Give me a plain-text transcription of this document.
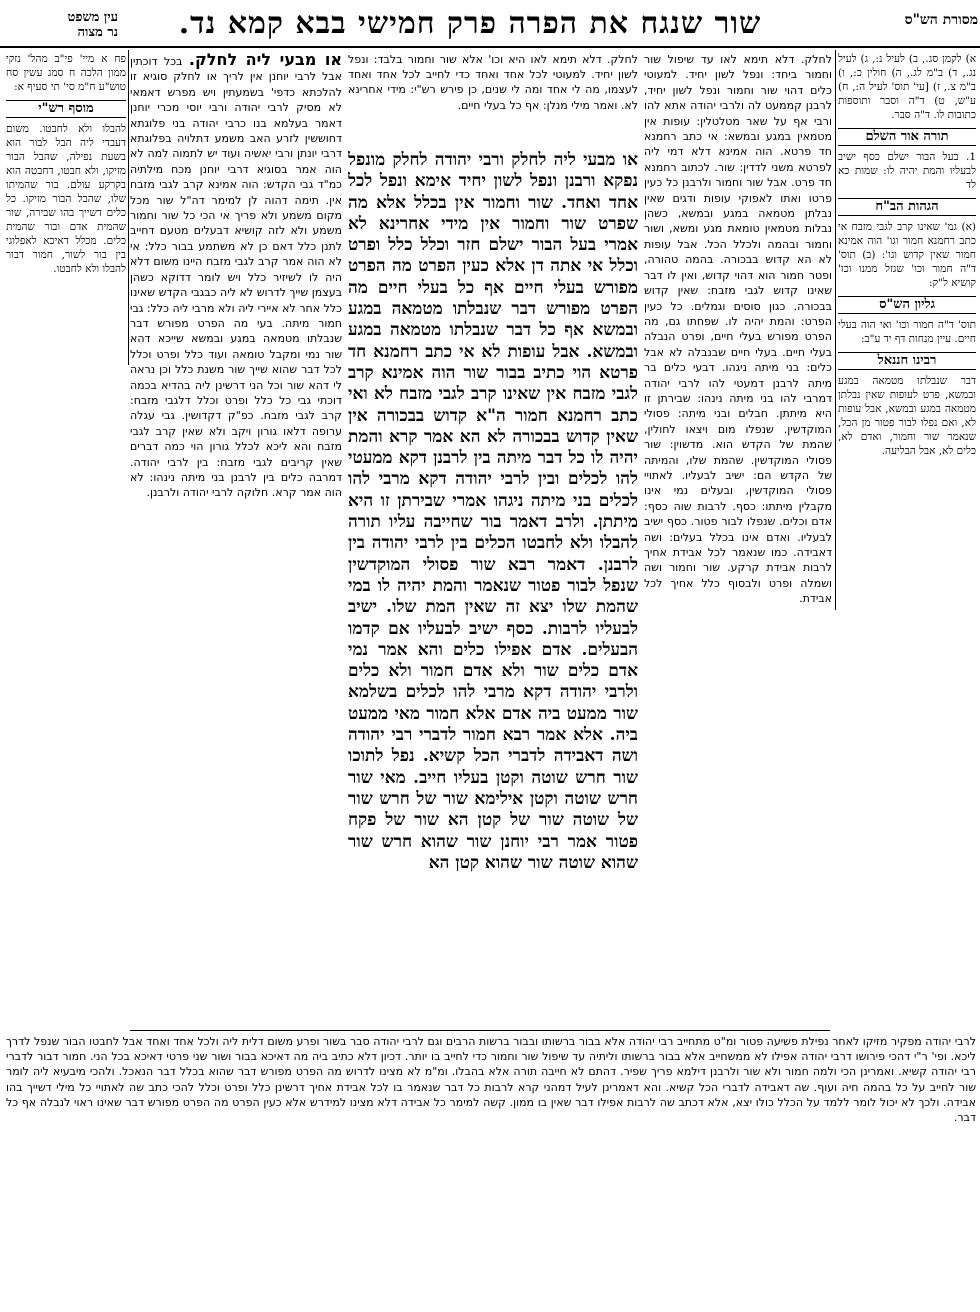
מסורת הש"ס
שור שנגח את הפרה פרק חמישי בבא קמא נד.
עין משפט
נר מצוה

א) לקמן סג., ב) לעיל נ:, ג) לעיל נג., ד) ב"מ לג., ה) חולין כ:, ו) ב"מ צ., ז) [עי' תוס' לעיל ה:, ח) ע"ש, ט) ד"ה וסבר ותוספות כתובות לו. ד"ה סבר.

תורה אור השלם

1. בעל הבור ישלם כסף ישיב לבעליו והמת יהיה לו: שמות כא לד

הגהות הב"ח

(א) גמ' שאינו קרב לגבי מזבח אי כתב רחמנא חמור וגו' הוה אמינא חמור שאין קדוש וגו': (ב) תוס' ד"ה חמור וכו' שגזל ממנו וכו' קושיא ל"ק:

גליון הש"ס

תוס' ד"ה חמור וכו' ואי הוה בעלי חיים. עיין מנחות דף יד ע"ב:

רבינו חננאל

דבר שנבלתו מטמאה במגע ובמשא, פרט לעופות שאין נבלתן מטמאה במגע ובמשא, אבל עופות לא, ואם נפלו לבור פטור מן הכל, שנאמר שור וחמור, ואדם לא, כלים לא, אבל הבליעה.

לחלק. דלא תימא לאו עד שיפול שור וחמור ביחד: ונפל לשון יחיד. למעוטי כלים דהוי שור וחמור ונפל לשון יחיד, לרבנן קממעט לה ולרבי יהודה אתא להו ורבי אף על שאר מטלטלין: עופות אין מטמאין במגע ובמשא: אי כתב רחמנא חד פרטא. הוה אמינא דלא דמי ליה לפרטא משני לדדין: שור. לכתוב רחמנא חד פרט. אבל שור וחמור ולרבנן כל כעין פרטו ואתו לאפוקי עופות ודגים שאין נבלתן מטמאה במגע ובמשא, כשהן נבלות מטמאין טומאת מגע ומשא, ושור וחמור ובהמה ולכלל הכל. אבל עופות לא הא קדוש בבכורה. בהמה טהורה, ופטר חמור הוא דהוי קדוש, ואין לו דבר שאינו קדוש לגבי מזבח: שאין קדוש בבכורה. כגון סוסים וגמלים. כל כעין הפרט: והמת יהיה לו. שפחתו גם, מה הפרט מפורש בעלי חיים, ופרט הנבלה בעלי חיים. בעלי חיים שבנבלה לא אבל כלים: בני מיתה ניגהו. דבעי כלים בר מיתה לרבנן דמעטי להו לרבי יהודה דמרבי להו בני מיתה נינהו: שבירתן זו היא מיתתן. חבלים ובני מיתה: פסולי המוקדשין. שנפלו מום ויצאו לחולין, שהמת של הקדש הוא. מדשוין: שור פסולי המוקדשין. שהמת שלו, והמיתה של הקדש הם: ישיב לבעליו. לאתויי פסולי המוקדשין, ובעלים נמי אינו מקבלין מיתתו: כסף. לרבות שוה כסף: אדם וכלים. שנפלו לבור פטור. כסף ישיב לבעליו. ואדם אינו בכלל בעלים: ושה דאבידה. כמו שנאמר לכל אבידת אחיך לרבות אבידת קרקע. שור וחמור ושה ושמלה ופרט ולבסוף כלל אחיך לכל אבידת.

לחלק. דלא תימא לאו היא וכו' אלא שור וחמור בלבד: ונפל לשון יחיד. למעוטי לכל אחד ואחד כדי לחייב לכל אחד ואחד לעצמו, מה לי אחד ומה לי שנים, כן פירש רש"י: מידי אחרינא לא. ואמר מילי מנלן: אף כל בעלי חיים.

או מבעי ליה לחלק ורבי יהודה לחלק מונפל נפקא ורבנן ונפל לשון יחיד אימא ונפל לכל אחד ואחד. שור וחמור אין בכלל אלא מה שפרט שור וחמור אין מידי אחרינא לא אמרי בעל הבור ישלם חזר וכלל כלל ופרט וכלל אי אתה דן אלא כעין הפרט מה הפרט מפורש בעלי חיים אף כל בעלי חיים מה הפרט מפורש דבר שנבלתו מטמאה במגע ובמשא אף כל דבר שנבלתו מטמאה במגע ובמשא. אבל עופות לא אי כתב רחמנא חד פרטא הוי כתיב בבור שור הוה אמינא קרב לגבי מזבח אין שאינו קרב לגבי מזבח לא ואי כתב רחמנא חמור ה"א קדוש בבכורה אין שאין קדוש בבכורה לא הא אמר קרא והמת יהיה לו כל דבר מיתה בין לרבנן דקא ממעטי להו לכלים ובין לרבי יהודה דקא מרבי להו לכלים בני מיתה ניגהו אמרי שבירתן זו היא מיתתן. ולרב דאמר בור שחייבה עליו תורה להבלו ולא לחבטו הכלים בין לרבי יהודה בין לרבנן. דאמר רבא שור פסולי המוקדשין שנפל לבור פטור שנאמר והמת יהיה לו במי שהמת שלו יצא זה שאין המת שלו. ישיב לבעליו לרבות. כסף ישיב לבעליו אם קדמו הבעלים. אדם אפילו כלים והא אמר נמי אדם כלים שור ולא אדם חמור ולא כלים ולרבי יהודה דקא מרבי להו לכלים בשלמא שור ממעט ביה אדם אלא חמור מאי ממעט ביה. אלא אמר רבא חמור לדברי רבי יהודה ושה דאבידה לדברי הכל קשיא. נפל לתוכו שור חרש שוטה וקטן בעליו חייב. מאי שור חרש שוטה וקטן אילימא שור של חרש שור של שוטה שור של קטן הא שור של פקח פטור אמר רבי יוחנן שור שהוא חרש שור שהוא שוטה שור שהוא קטן הא

או מבעי ליה לחלק. בכל דוכתין אבל לרבי יוחנן אין לריך או לחלק סוגיא זו להלכתא כדפי' בשמעתין ויש מפרש דאמאי לא מסיק לרבי יהודה ורבי יוסי מכרי יוחנן דאמר בעלמא בנו כרבי יהודה בני פלוגתא דחוששין לזרע האב משמע דתלויה בפלוגתא דרבי יונתן ורבי יאשיה ועוד יש לתמוה למה לא הוה אמר בסוגיא דרבי יוחנן מכח מילתיה כמ"ד גבי הקדש: הוה אמינא קרב לגבי מזבח אין. תימה דהוה לן למימר דה"ל שור מכל מקום משמע ולא פריך אי הכי כל שור וחמור משמע ולא לזה קושיא דבעלים מטעם דחייב לתנן כלל דאם כן לא משתמע בבור כלל: אי לא הוה אמר קרב לגבי מזבח היינו משום דלא היה לו לשיזיר כלל ויש לומר דדוקא כשהן בעצמן שייך לדרוש לא ליה כבגבי הקדש שאינו כלל אחר לא איירי ליה ולא מרבי ליה כלל: גבי חמור מיתה. בעי מה הפרט מפורש דבר שנבלתו מטמאה במגע ובמשא שייכא דהא שור נמי ומקבל טומאה ועוד כלל ופרט וכלל לכל דבר שהוא שייך שור משנת כלל וכן נראה לי דהא שור וכל הני דרשינן ליה בהדיא בכמה דוכתי גבי כל כלל ופרט וכלל דלגבי מזבח: קרב לגבי מזבח. כפ"ק דקדושין. גבי עגלה ערופה דלאו גורון ויקב ולא שאין קרב לגבי מזבח והא ליכא לכלל גורון הוי כמה דברים שאין קריבים לגבי מזבח: בין לרבי יהודה. דמרבה כלים בין לרבנן בני מיתה נינהו: לא הוה אמר קרא. חלוקה לרבי יהודה ולרבנן.

פח א מיי' פי"ב מהל' נזקי ממון הלכה ח סמג עשין סח טוש"ע ח"מ סי' תי סעיף א:

מוסף רש"י

להבלו ולא לחבטו. משום דעבדי ליה הבל לבור הוא בשעת נפילה, שהבל הבור מזיקו, ולא חבטו, דחבטה הוא בקרקע עולם. בור שהמיתו שלו, שהבל הבור מזיקו. כל כלים דשייך בהו שבירה, שור שהמית אדם ובור שהמית כלים. מכלל דאיכא לאפלוגי בין בור לשור, חמור דבור להבלו ולא לחבטו.

לרבי יהודה מפקיר מזיקו לאחר נפילת פשיעה פטור ומ"ט מתחייב רבי יהודה אלא בבור ברשותו ובבור ברשות הרבים וגם לרבי יהודה סבר בשור ופרע משום דלית ליה ולכל אחד ואחד אבל לחבטו הבור שנפל לדרך ליכא. ופי' ר"י דהכי פירושו דרבי יהודה אפילו לא ממשחייב אלא בבור ברשותו וליתיה עד שיפול שור וחמור כדי לחייב בו יותר. דכיון דלא כתיב ביה מה דאיכא בבור ושור שני פרטי דאיכא בכל הני. חמור דבור לדברי רבי יהודה קשיא. ואמרינן הכי ולמה חמור ולא שור ולרבנן דילמא פריך שפיר. דהתם לא חייבה תורה אלא בהבלו. ומ"מ לא מצינו לדרוש מה הפרט מפורש דבר שהוא בכלל דבר הנאכל. ולהכי מיבעיא ליה לומר שור לחייב על כל בהמה חיה ועוף. שה דאבידה לדברי הכל קשיא. והא דאמרינן לעיל דמהני קרא לרבות כל דבר שנאמר בו לכל אבידת אחיך דרשינן כלל ופרט וכלל להכי כתב שה לאתויי כל מילי דשייך בהו אבידה. ולכך לא יכול לומר ללמד על הכלל כולו יצא, אלא דכתב שה לרבות אפילו דבר שאין בו ממון. קשה למימר כל אבידה דלא מצינו למידרש אלא כעין הפרט מה הפרט מפורש דבר שאינו ראוי לנבלה אף כל דבר.
